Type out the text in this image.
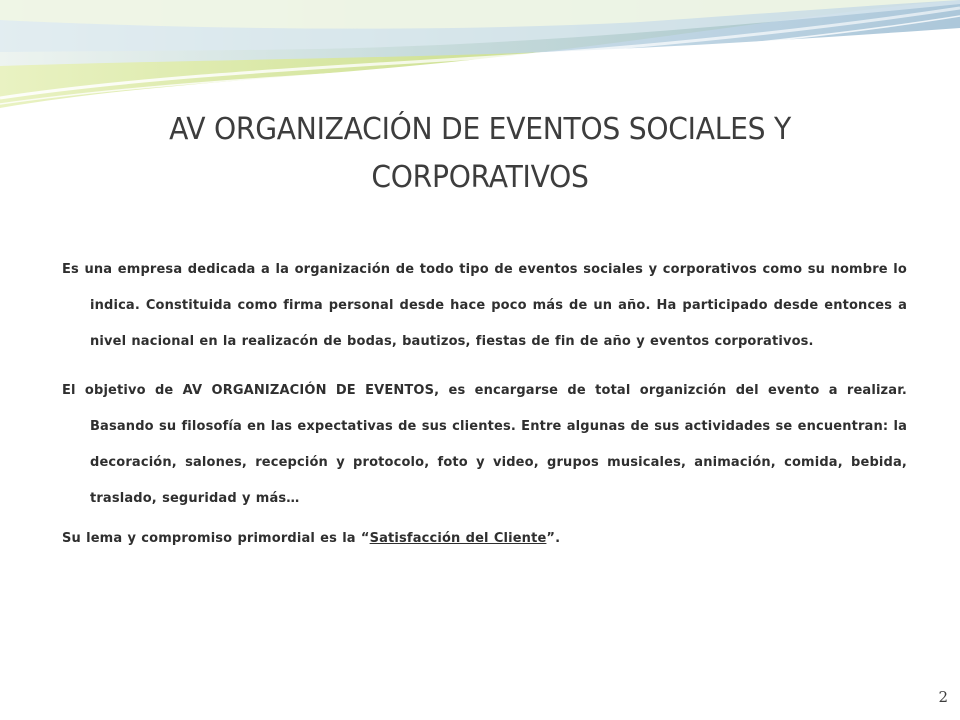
AV ORGANIZACIÓN DE EVENTOS SOCIALES Y CORPORATIVOS

Es una empresa dedicada a la organización de todo tipo de eventos sociales y corporativos como su nombre lo indica. Constituida como firma personal desde hace poco más de un año. Ha participado desde entonces a nivel nacional en la realizacón de bodas, bautizos, fiestas de fin de año y eventos corporativos.

El objetivo de AV ORGANIZACIÓN DE EVENTOS, es encargarse de total organizción del evento a realizar. Basando su filosofía en las expectativas de sus clientes. Entre algunas de sus actividades se encuentran: la decoración, salones, recepción y protocolo, foto y video, grupos musicales, animación, comida, bebida, traslado, seguridad y más…

Su lema y compromiso primordial es la “Satisfacción del Cliente”.

2
